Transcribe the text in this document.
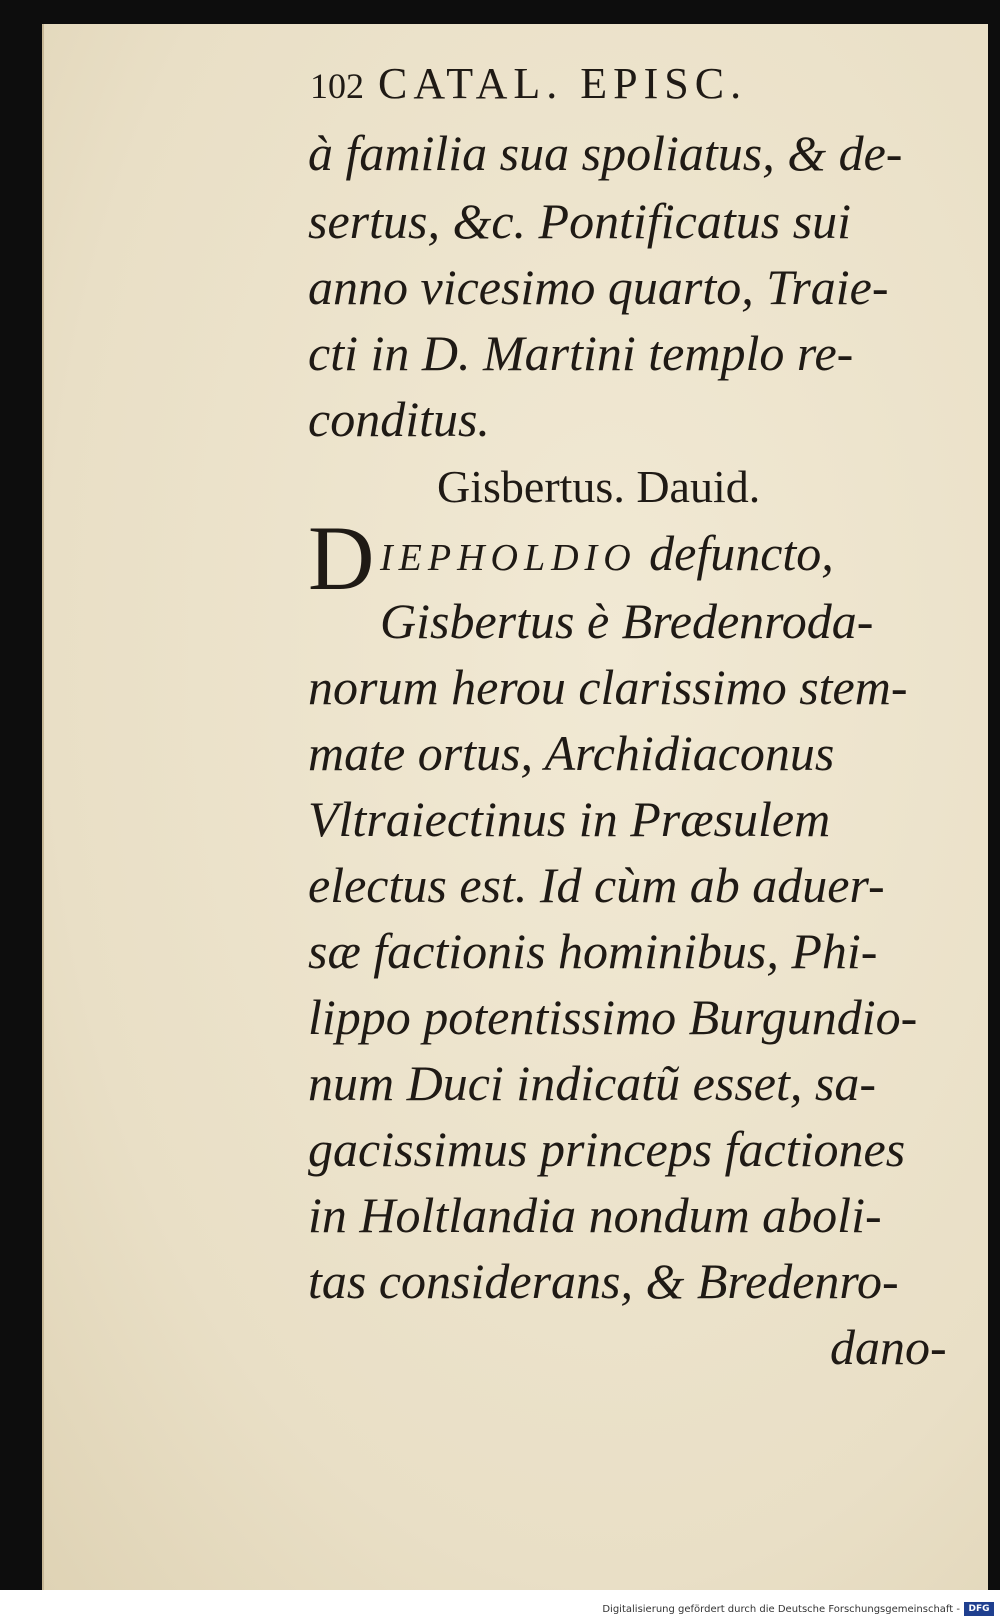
102 CATAL. EPISC.
à familia sua spoliatus, & de-
sertus, &c. Pontificatus sui
anno vicesimo quarto, Traie-
cti in D. Martini templo re-
conditus.
Gisbertus. Dauid.
D IEPHOLDIO defuncto,
Gisbertus è Bredenroda-
norum herou clarissimo stem-
mate ortus, Archidiaconus
Vltraiectinus in Præsulem
electus est. Id cùm ab aduer-
sæ factionis hominibus, Phi-
lippo potentissimo Burgundio-
num Duci indicatũ esset, sa-
gacissimus princeps factiones
in Holtlandia nondum aboli-
tas considerans, & Bredenro-
dano-
Digitalisierung gefördert durch die Deutsche Forschungsgemeinschaft - DFG
